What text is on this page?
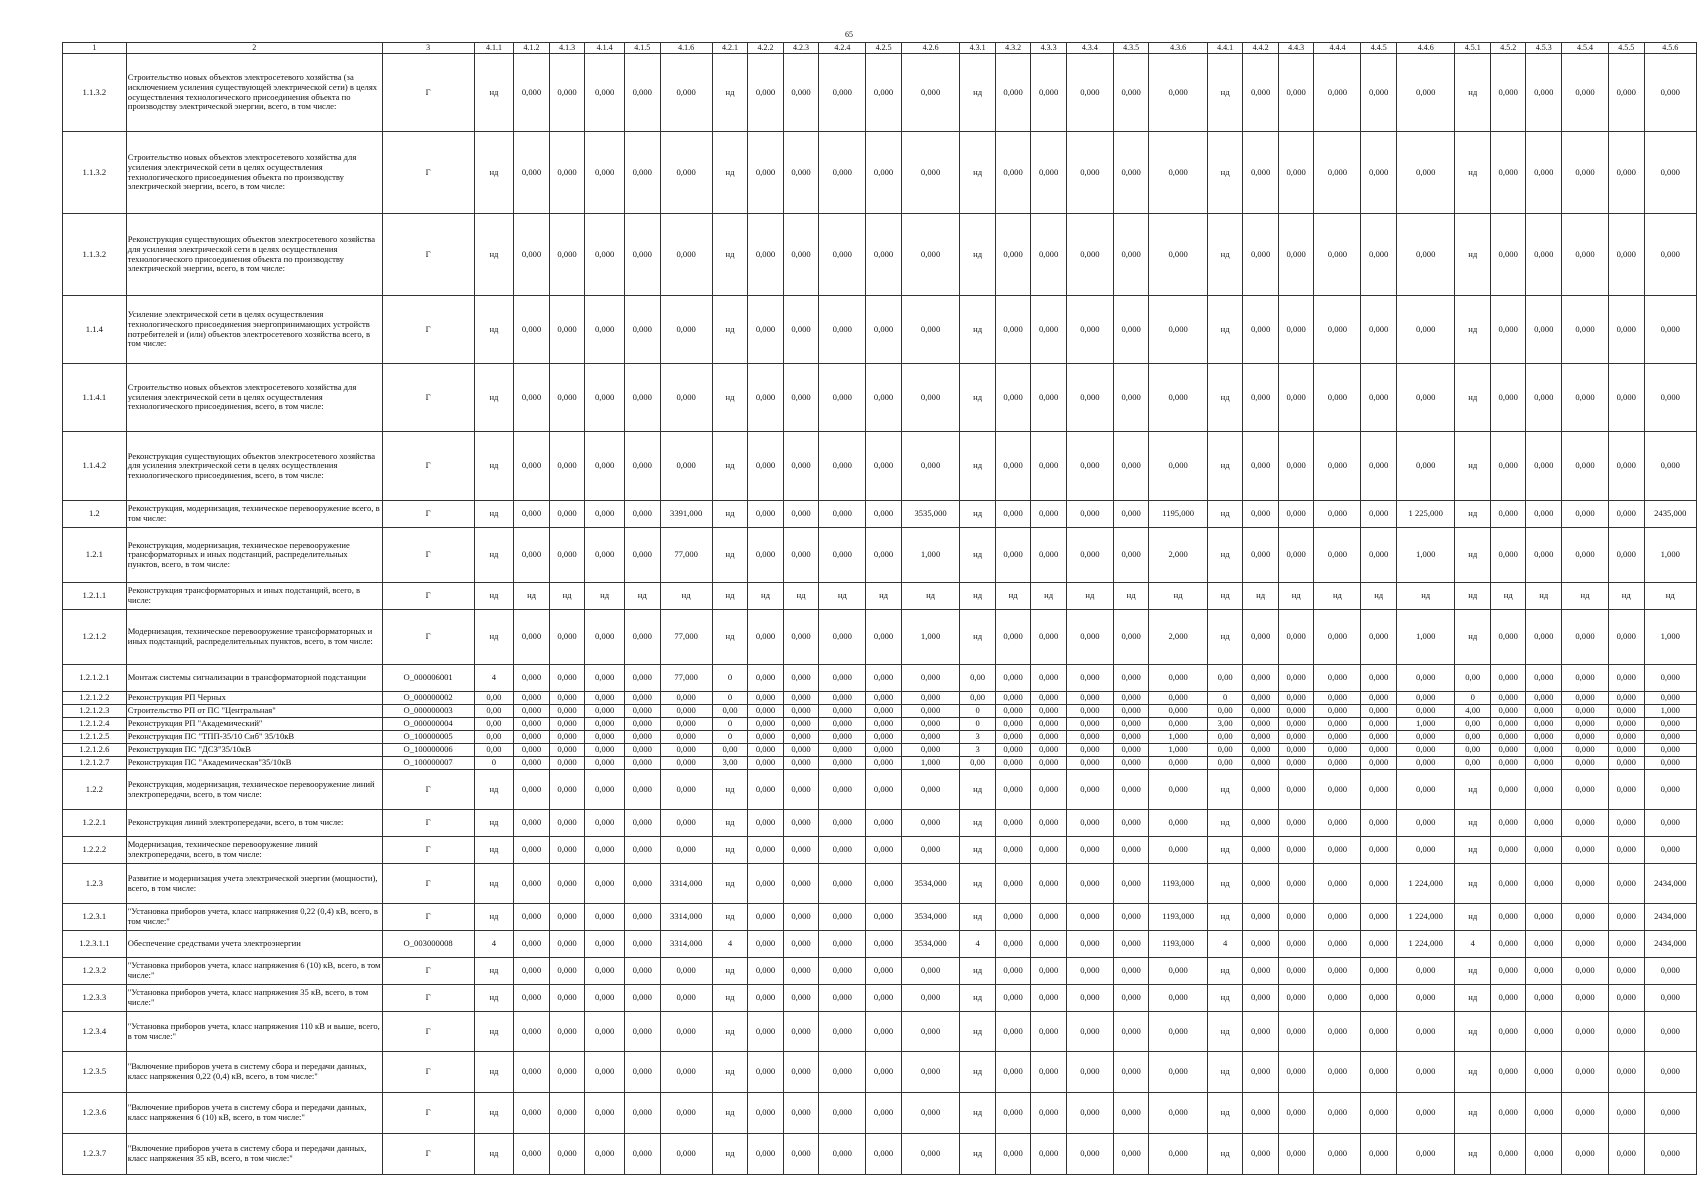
65
1	2	3	4.1.1	4.1.2	4.1.3	4.1.4	4.1.5	4.1.6	4.2.1	4.2.2	4.2.3	4.2.4	4.2.5	4.2.6	4.3.1	4.3.2	4.3.3	4.3.4	4.3.5	4.3.6	4.4.1	4.4.2	4.4.3	4.4.4	4.4.5	4.4.6	4.5.1	4.5.2	4.5.3	4.5.4	4.5.5	4.5.6
1.1.3.2	Строительство новых объектов электросетевого хозяйства (за исключением усиления существующей электрической сети) в целях осуществления технологического присоединения объекта по производству электрической энергии, всего, в том числе:	Г	нд	0,000	0,000	0,000	0,000	0,000	нд	0,000	0,000	0,000	0,000	0,000	нд	0,000	0,000	0,000	0,000	0,000	нд	0,000	0,000	0,000	0,000	0,000	нд	0,000	0,000	0,000	0,000	0,000
1.1.3.2	Строительство новых объектов электросетевого хозяйства для усиления электрической сети в целях осуществления технологического присоединения объекта по производству электрической энергии, всего, в том числе:	Г	нд	0,000	0,000	0,000	0,000	0,000	нд	0,000	0,000	0,000	0,000	0,000	нд	0,000	0,000	0,000	0,000	0,000	нд	0,000	0,000	0,000	0,000	0,000	нд	0,000	0,000	0,000	0,000	0,000
1.1.3.2	Реконструкция существующих объектов электросетевого хозяйства для усиления электрической сети в целях осуществления технологического присоединения объекта по производству электрической энергии, всего, в том числе:	Г	нд	0,000	0,000	0,000	0,000	0,000	нд	0,000	0,000	0,000	0,000	0,000	нд	0,000	0,000	0,000	0,000	0,000	нд	0,000	0,000	0,000	0,000	0,000	нд	0,000	0,000	0,000	0,000	0,000
1.1.4	Усиление электрической сети в целях осуществления технологического присоединения энергопринимающих устройств потребителей и (или) объектов электросетевого хозяйства всего, в том числе:	Г	нд	0,000	0,000	0,000	0,000	0,000	нд	0,000	0,000	0,000	0,000	0,000	нд	0,000	0,000	0,000	0,000	0,000	нд	0,000	0,000	0,000	0,000	0,000	нд	0,000	0,000	0,000	0,000	0,000
1.1.4.1	Строительство новых объектов электросетевого хозяйства для усиления электрической сети в целях осуществления технологического присоединения, всего, в том числе:	Г	нд	0,000	0,000	0,000	0,000	0,000	нд	0,000	0,000	0,000	0,000	0,000	нд	0,000	0,000	0,000	0,000	0,000	нд	0,000	0,000	0,000	0,000	0,000	нд	0,000	0,000	0,000	0,000	0,000
1.1.4.2	Реконструкция существующих объектов электросетевого хозяйства для усиления электрической сети в целях осуществления технологического присоединения, всего, в том числе:	Г	нд	0,000	0,000	0,000	0,000	0,000	нд	0,000	0,000	0,000	0,000	0,000	нд	0,000	0,000	0,000	0,000	0,000	нд	0,000	0,000	0,000	0,000	0,000	нд	0,000	0,000	0,000	0,000	0,000
1.2	Реконструкция, модернизация, техническое перевооружение всего, в том числе:	Г	нд	0,000	0,000	0,000	0,000	3391,000	нд	0,000	0,000	0,000	0,000	3535,000	нд	0,000	0,000	0,000	0,000	1195,000	нд	0,000	0,000	0,000	0,000	1 225,000	нд	0,000	0,000	0,000	0,000	2435,000
1.2.1	Реконструкция, модернизация, техническое перевооружение трансформаторных и иных подстанций, распределительных пунктов, всего, в том числе:	Г	нд	0,000	0,000	0,000	0,000	77,000	нд	0,000	0,000	0,000	0,000	1,000	нд	0,000	0,000	0,000	0,000	2,000	нд	0,000	0,000	0,000	0,000	1,000	нд	0,000	0,000	0,000	0,000	1,000
1.2.1.1	Реконструкция трансформаторных и иных подстанций, всего, в числе:	Г	нд	нд	нд	нд	нд	нд	нд	нд	нд	нд	нд	нд	нд	нд	нд	нд	нд	нд	нд	нд	нд	нд	нд	нд	нд	нд	нд	нд	нд	нд
1.2.1.2	Модернизация, техническое перевооружение трансформаторных и иных подстанций, распределительных пунктов, всего, в том числе:	Г	нд	0,000	0,000	0,000	0,000	77,000	нд	0,000	0,000	0,000	0,000	1,000	нд	0,000	0,000	0,000	0,000	2,000	нд	0,000	0,000	0,000	0,000	1,000	нд	0,000	0,000	0,000	0,000	1,000
1.2.1.2.1	Монтаж системы сигнализации в трансформаторной подстанции	О_000006001	4	0,000	0,000	0,000	0,000	77,000	0	0,000	0,000	0,000	0,000	0,000	0,00	0,000	0,000	0,000	0,000	0,000	0,00	0,000	0,000	0,000	0,000	0,000	0,00	0,000	0,000	0,000	0,000	0,000
1.2.1.2.2	Реконструкция РП Черных	О_000000002	0,00	0,000	0,000	0,000	0,000	0,000	0	0,000	0,000	0,000	0,000	0,000	0,00	0,000	0,000	0,000	0,000	0,000	0	0,000	0,000	0,000	0,000	0,000	0	0,000	0,000	0,000	0,000	0,000
1.2.1.2.3	Строительство РП от ПС "Центральная"	О_000000003	0,00	0,000	0,000	0,000	0,000	0,000	0,00	0,000	0,000	0,000	0,000	0,000	0	0,000	0,000	0,000	0,000	0,000	0,00	0,000	0,000	0,000	0,000	0,000	4,00	0,000	0,000	0,000	0,000	1,000
1.2.1.2.4	Реконструкция РП "Академический"	О_000000004	0,00	0,000	0,000	0,000	0,000	0,000	0	0,000	0,000	0,000	0,000	0,000	0	0,000	0,000	0,000	0,000	0,000	3,00	0,000	0,000	0,000	0,000	1,000	0,00	0,000	0,000	0,000	0,000	0,000
1.2.1.2.5	Реконструкция ПС "ТПП-35/10 Сиб" 35/10кВ	О_100000005	0,00	0,000	0,000	0,000	0,000	0,000	0	0,000	0,000	0,000	0,000	0,000	3	0,000	0,000	0,000	0,000	1,000	0,00	0,000	0,000	0,000	0,000	0,000	0,00	0,000	0,000	0,000	0,000	0,000
1.2.1.2.6	Реконструкция ПС "ДСЗ"35/10кВ	О_100000006	0,00	0,000	0,000	0,000	0,000	0,000	0,00	0,000	0,000	0,000	0,000	0,000	3	0,000	0,000	0,000	0,000	1,000	0,00	0,000	0,000	0,000	0,000	0,000	0,00	0,000	0,000	0,000	0,000	0,000
1.2.1.2.7	Реконструкция ПС "Академическая"35/10кВ	О_100000007	0	0,000	0,000	0,000	0,000	0,000	3,00	0,000	0,000	0,000	0,000	1,000	0,00	0,000	0,000	0,000	0,000	0,000	0,00	0,000	0,000	0,000	0,000	0,000	0,00	0,000	0,000	0,000	0,000	0,000
1.2.2	Реконструкция, модернизация, техническое перевооружение линий электропередачи, всего, в том числе:	Г	нд	0,000	0,000	0,000	0,000	0,000	нд	0,000	0,000	0,000	0,000	0,000	нд	0,000	0,000	0,000	0,000	0,000	нд	0,000	0,000	0,000	0,000	0,000	нд	0,000	0,000	0,000	0,000	0,000
1.2.2.1	Реконструкция линий электропередачи, всего, в том числе:	Г	нд	0,000	0,000	0,000	0,000	0,000	нд	0,000	0,000	0,000	0,000	0,000	нд	0,000	0,000	0,000	0,000	0,000	нд	0,000	0,000	0,000	0,000	0,000	нд	0,000	0,000	0,000	0,000	0,000
1.2.2.2	Модернизация, техническое перевооружение линий электропередачи, всего, в том числе:	Г	нд	0,000	0,000	0,000	0,000	0,000	нд	0,000	0,000	0,000	0,000	0,000	нд	0,000	0,000	0,000	0,000	0,000	нд	0,000	0,000	0,000	0,000	0,000	нд	0,000	0,000	0,000	0,000	0,000
1.2.3	Развитие и модернизация учета электрической энергии (мощности), всего, в том числе:	Г	нд	0,000	0,000	0,000	0,000	3314,000	нд	0,000	0,000	0,000	0,000	3534,000	нд	0,000	0,000	0,000	0,000	1193,000	нд	0,000	0,000	0,000	0,000	1 224,000	нд	0,000	0,000	0,000	0,000	2434,000
1.2.3.1	"Установка приборов учета, класс напряжения 0,22 (0,4) кВ, всего, в том числе:"	Г	нд	0,000	0,000	0,000	0,000	3314,000	нд	0,000	0,000	0,000	0,000	3534,000	нд	0,000	0,000	0,000	0,000	1193,000	нд	0,000	0,000	0,000	0,000	1 224,000	нд	0,000	0,000	0,000	0,000	2434,000
1.2.3.1.1	Обеспечение средствами учета электроэнергии	О_003000008	4	0,000	0,000	0,000	0,000	3314,000	4	0,000	0,000	0,000	0,000	3534,000	4	0,000	0,000	0,000	0,000	1193,000	4	0,000	0,000	0,000	0,000	1 224,000	4	0,000	0,000	0,000	0,000	2434,000
1.2.3.2	"Установка приборов учета, класс напряжения 6 (10) кВ, всего, в том числе:"	Г	нд	0,000	0,000	0,000	0,000	0,000	нд	0,000	0,000	0,000	0,000	0,000	нд	0,000	0,000	0,000	0,000	0,000	нд	0,000	0,000	0,000	0,000	0,000	нд	0,000	0,000	0,000	0,000	0,000
1.2.3.3	"Установка приборов учета, класс напряжения 35 кВ, всего, в том числе:"	Г	нд	0,000	0,000	0,000	0,000	0,000	нд	0,000	0,000	0,000	0,000	0,000	нд	0,000	0,000	0,000	0,000	0,000	нд	0,000	0,000	0,000	0,000	0,000	нд	0,000	0,000	0,000	0,000	0,000
1.2.3.4	"Установка приборов учета, класс напряжения 110 кВ и выше, всего, в том числе:"	Г	нд	0,000	0,000	0,000	0,000	0,000	нд	0,000	0,000	0,000	0,000	0,000	нд	0,000	0,000	0,000	0,000	0,000	нд	0,000	0,000	0,000	0,000	0,000	нд	0,000	0,000	0,000	0,000	0,000
1.2.3.5	"Включение приборов учета в систему сбора и передачи данных, класс напряжения 0,22 (0,4) кВ, всего, в том числе:"	Г	нд	0,000	0,000	0,000	0,000	0,000	нд	0,000	0,000	0,000	0,000	0,000	нд	0,000	0,000	0,000	0,000	0,000	нд	0,000	0,000	0,000	0,000	0,000	нд	0,000	0,000	0,000	0,000	0,000
1.2.3.6	"Включение приборов учета в систему сбора и передачи данных, класс напряжения 6 (10) кВ, всего, в том числе:"	Г	нд	0,000	0,000	0,000	0,000	0,000	нд	0,000	0,000	0,000	0,000	0,000	нд	0,000	0,000	0,000	0,000	0,000	нд	0,000	0,000	0,000	0,000	0,000	нд	0,000	0,000	0,000	0,000	0,000
1.2.3.7	"Включение приборов учета в систему сбора и передачи данных, класс напряжения 35 кВ, всего, в том числе:"	Г	нд	0,000	0,000	0,000	0,000	0,000	нд	0,000	0,000	0,000	0,000	0,000	нд	0,000	0,000	0,000	0,000	0,000	нд	0,000	0,000	0,000	0,000	0,000	нд	0,000	0,000	0,000	0,000	0,000
